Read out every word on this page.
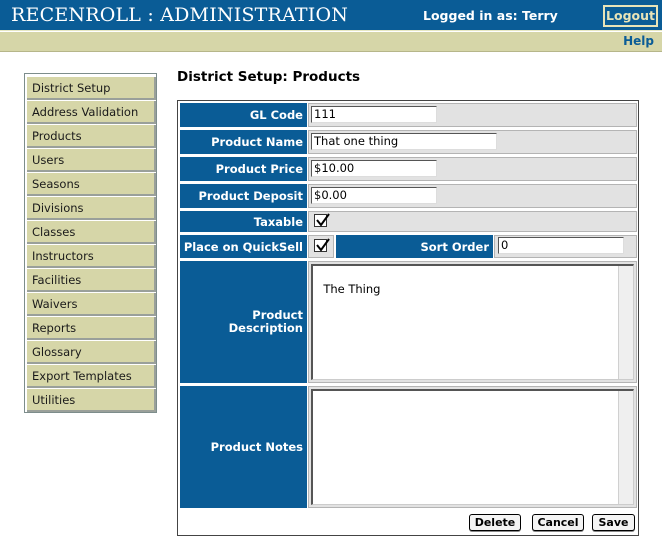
RECENROLL : ADMINISTRATION	Logged in as: Terry	Logout
Help
District Setup
Address Validation
Products
Users
Seasons
Divisions
Classes
Instructors
Facilities
Waivers
Reports
Glossary
Export Templates
Utilities
District Setup: Products
GL Code 111
Product Name That one thing
Product Price $10.00
Product Deposit $0.00
Taxable
Place on QuickSell	Sort Order	0
Product
Description

The Thing

Product Notes

Delete	Cancel	Save
